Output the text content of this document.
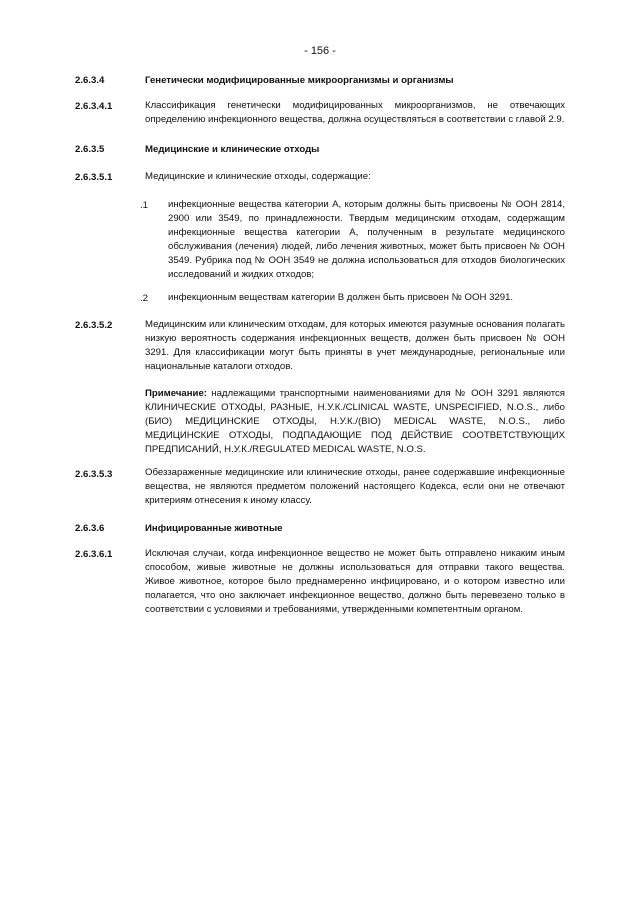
- 156 -
2.6.3.4	Генетически модифицированные микроорганизмы и организмы
2.6.3.4.1	Классификация генетически модифицированных микроорганизмов, не отвечающих определению инфекционного вещества, должна осуществляться в соответствии с главой 2.9.
2.6.3.5	Медицинские и клинические отходы
2.6.3.5.1	Медицинские и клинические отходы, содержащие:
.1 инфекционные вещества категории A, которым должны быть присвоены № ООН 2814, 2900 или 3549, по принадлежности. Твердым медицинским отходам, содержащим инфекционные вещества категории A, полученным в результате медицинского обслуживания (лечения) людей, либо лечения животных, может быть присвоен № ООН 3549. Рубрика под № ООН 3549 не должна использоваться для отходов биологических исследований и жидких отходов;
.2 инфекционным веществам категории B должен быть присвоен № ООН 3291.
2.6.3.5.2	Медицинским или клиническим отходам, для которых имеются разумные основания полагать низкую вероятность содержания инфекционных веществ, должен быть присвоен № ООН 3291. Для классификации могут быть приняты в учет международные, региональные или национальные каталоги отходов.
Примечание: надлежащими транспортными наименованиями для № ООН 3291 являются КЛИНИЧЕСКИЕ ОТХОДЫ, РАЗНЫЕ, Н.У.К./CLINICAL WASTE, UNSPECIFIED, N.O.S., либо (БИО) МЕДИЦИНСКИЕ ОТХОДЫ, Н.У.К./(BIO) MEDICAL WASTE, N.O.S., либо МЕДИЦИНСКИЕ ОТХОДЫ, ПОДПАДАЮЩИЕ ПОД ДЕЙСТВИЕ СООТВЕТСТВУЮЩИХ ПРЕДПИСАНИЙ, Н.У.К./REGULATED MEDICAL WASTE, N.O.S.
2.6.3.5.3	Обеззараженные медицинские или клинические отходы, ранее содержавшие инфекционные вещества, не являются предметом положений настоящего Кодекса, если они не отвечают критериям отнесения к иному классу.
2.6.3.6	Инфицированные животные
2.6.3.6.1	Исключая случаи, когда инфекционное вещество не может быть отправлено никаким иным способом, живые животные не должны использоваться для отправки такого вещества. Живое животное, которое было преднамеренно инфицировано, и о котором известно или полагается, что оно заключает инфекционное вещество, должно быть перевезено только в соответствии с условиями и требованиями, утвержденными компетентным органом.
